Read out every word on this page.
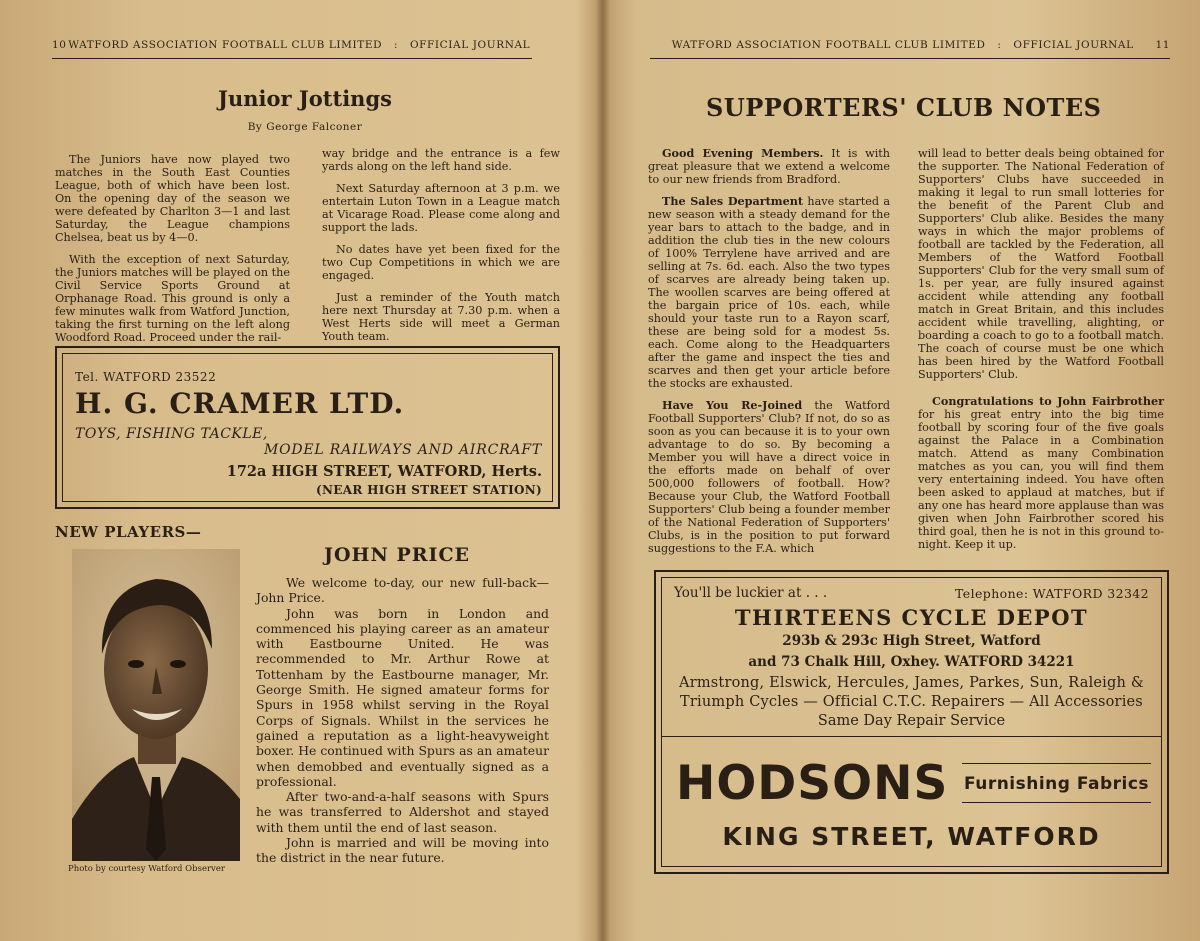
10 WATFORD ASSOCIATION FOOTBALL CLUB LIMITED : OFFICIAL JOURNAL
Junior Jottings
By George Falconer

The Juniors have now played two matches in the South East Counties League, both of which have been lost. On the opening day of the season we were defeated by Charlton 3—1 and last Saturday, the League champions Chelsea, beat us by 4—0.

With the exception of next Saturday, the Juniors matches will be played on the Civil Service Sports Ground at Orphanage Road. This ground is only a few minutes walk from Watford Junction, taking the first turning on the left along Woodford Road. Proceed under the rail-

way bridge and the entrance is a few yards along on the left hand side.

Next Saturday afternoon at 3 p.m. we entertain Luton Town in a League match at Vicarage Road. Please come along and support the lads.

No dates have yet been fixed for the two Cup Competitions in which we are engaged.

Just a reminder of the Youth match here next Thursday at 7.30 p.m. when a West Herts side will meet a German Youth team.

Tel. WATFORD 23522
H. G. CRAMER LTD.
TOYS, FISHING TACKLE,
MODEL RAILWAYS AND AIRCRAFT
172a HIGH STREET, WATFORD, Herts.
(NEAR HIGH STREET STATION)
NEW PLAYERS—
Photo by courtesy Watford Observer
JOHN PRICE

We welcome to-day, our new full-back—John Price.

John was born in London and commenced his playing career as an amateur with Eastbourne United. He was recommended to Mr. Arthur Rowe at Tottenham by the Eastbourne manager, Mr. George Smith. He signed amateur forms for Spurs in 1958 whilst serving in the Royal Corps of Signals. Whilst in the services he gained a reputation as a light-heavyweight boxer. He continued with Spurs as an amateur when demobbed and eventually signed as a professional.

After two-and-a-half seasons with Spurs he was transferred to Aldershot and stayed with them until the end of last season.

John is married and will be moving into the district in the near future.

WATFORD ASSOCIATION FOOTBALL CLUB LIMITED : OFFICIAL JOURNAL	11
SUPPORTERS' CLUB NOTES

Good Evening Members. It is with great pleasure that we extend a welcome to our new friends from Bradford.

The Sales Department have started a new season with a steady demand for the year bars to attach to the badge, and in addition the club ties in the new colours of 100% Terrylene have arrived and are selling at 7s. 6d. each. Also the two types of scarves are already being taken up. The woollen scarves are being offered at the bargain price of 10s. each, while should your taste run to a Rayon scarf, these are being sold for a modest 5s. each. Come along to the Headquarters after the game and inspect the ties and scarves and then get your article before the stocks are exhausted.

Have You Re-Joined the Watford Football Supporters' Club? If not, do so as soon as you can because it is to your own advantage to do so. By becoming a Member you will have a direct voice in the efforts made on behalf of over 500,000 followers of football. How? Because your Club, the Watford Football Supporters' Club being a founder member of the National Federation of Supporters' Clubs, is in the position to put forward suggestions to the F.A. which

will lead to better deals being obtained for the supporter. The National Federation of Supporters' Clubs have succeeded in making it legal to run small lotteries for the benefit of the Parent Club and Supporters' Club alike. Besides the many ways in which the major problems of football are tackled by the Federation, all Members of the Watford Football Supporters' Club for the very small sum of 1s. per year, are fully insured against accident while attending any football match in Great Britain, and this includes accident while travelling, alighting, or boarding a coach to go to a football match. The coach of course must be one which has been hired by the Watford Football Supporters' Club.

Congratulations to John Fairbrother for his great entry into the big time football by scoring four of the five goals against the Palace in a Combination match. Attend as many Combination matches as you can, you will find them very entertaining indeed. You have often been asked to applaud at matches, but if any one has heard more applause than was given when John Fairbrother scored his third goal, then he is not in this ground to-night. Keep it up.

You'll be luckier at . . .	Telephone: WATFORD 32342
THIRTEENS CYCLE DEPOT
293b & 293c High Street, Watford
and 73 Chalk Hill, Oxhey. WATFORD 34221
Armstrong, Elswick, Hercules, James, Parkes, Sun, Raleigh &
Triumph Cycles — Official C.T.C. Repairers — All Accessories
Same Day Repair Service
HODSONS Furnishing Fabrics
KING STREET, WATFORD
